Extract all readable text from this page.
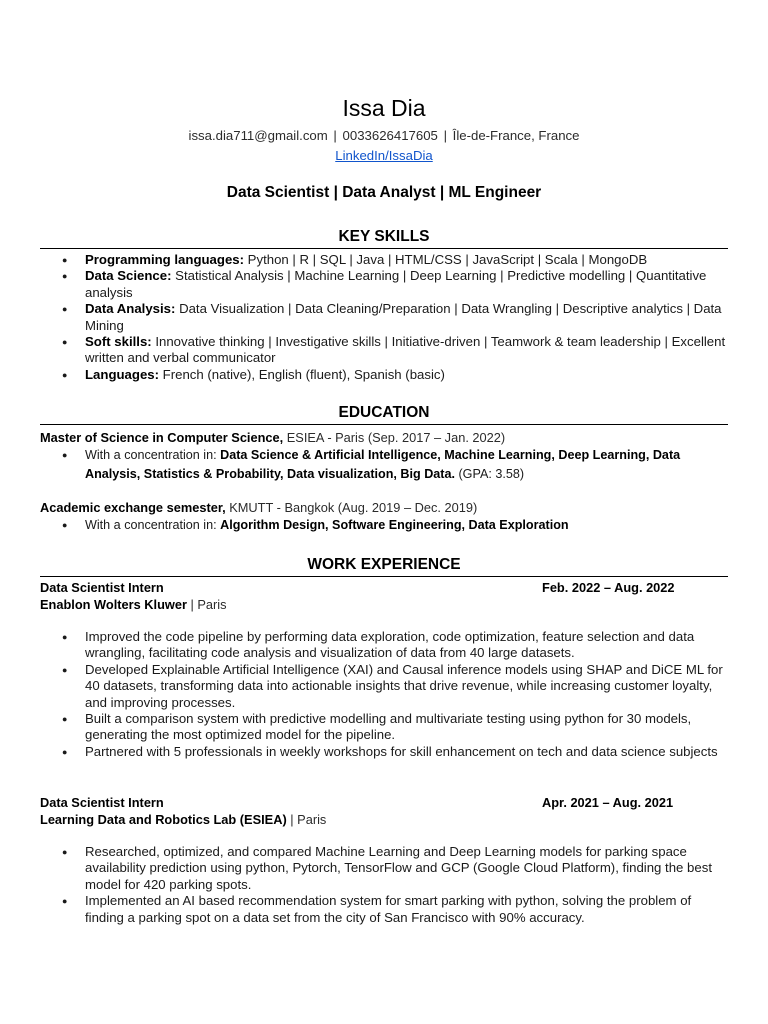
Issa Dia

issa.dia711@gmail.com | 0033626417605 | Île-de-France, France

LinkedIn/IssaDia

Data Scientist | Data Analyst | ML Engineer

KEY SKILLS
● Programming languages: Python | R | SQL | Java | HTML/CSS | JavaScript | Scala | MongoDB
● Data Science: Statistical Analysis | Machine Learning | Deep Learning | Predictive modelling | Quantitative analysis
● Data Analysis: Data Visualization | Data Cleaning/Preparation | Data Wrangling | Descriptive analytics | Data Mining
● Soft skills: Innovative thinking | Investigative skills | Initiative-driven | Teamwork & team leadership | Excellent written and verbal communicator
● Languages: French (native), English (fluent), Spanish (basic)
EDUCATION

Master of Science in Computer Science, ESIEA - Paris (Sep. 2017 – Jan. 2022)

● With a concentration in: Data Science & Artificial Intelligence, Machine Learning, Deep Learning, Data Analysis, Statistics & Probability, Data visualization, Big Data. (GPA: 3.58)

Academic exchange semester, KMUTT - Bangkok (Aug. 2019 – Dec. 2019)

● With a concentration in: Algorithm Design, Software Engineering, Data Exploration
WORK EXPERIENCE
Data Scientist Intern	Feb. 2022 – Aug. 2022

Enablon Wolters Kluwer | Paris

● Improved the code pipeline by performing data exploration, code optimization, feature selection and data wrangling, facilitating code analysis and visualization of data from 40 large datasets.
● Developed Explainable Artificial Intelligence (XAI) and Causal inference models using SHAP and DiCE ML for 40 datasets, transforming data into actionable insights that drive revenue, while increasing customer loyalty, and improving processes.
● Built a comparison system with predictive modelling and multivariate testing using python for 30 models, generating the most optimized model for the pipeline.
● Partnered with 5 professionals in weekly workshops for skill enhancement on tech and data science subjects
Data Scientist Intern	Apr. 2021 – Aug. 2021

Learning Data and Robotics Lab (ESIEA) | Paris

● Researched, optimized, and compared Machine Learning and Deep Learning models for parking space availability prediction using python, Pytorch, TensorFlow and GCP (Google Cloud Platform), finding the best model for 420 parking spots.
● Implemented an AI based recommendation system for smart parking with python, solving the problem of finding a parking spot on a data set from the city of San Francisco with 90% accuracy.
